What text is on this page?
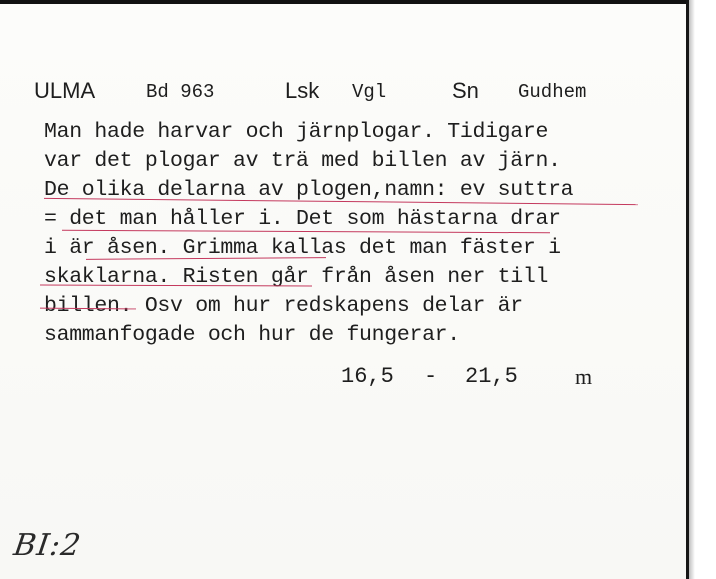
ULMA	Bd 963	Lsk Vgl	Sn Gudhem
Man hade harvar och järnplogar. Tidigare
var det plogar av trä med billen av järn.
De olika delarna av plogen,namn: ev suttra
= det man håller i. Det som hästarna drar
i är åsen. Grimma kallas det man fäster i
skaklarna. Risten går från åsen ner till
billen. Osv om hur redskapens delar är
sammanfogade och hur de fungerar.
16,5 - 21,5	m
BI:2
